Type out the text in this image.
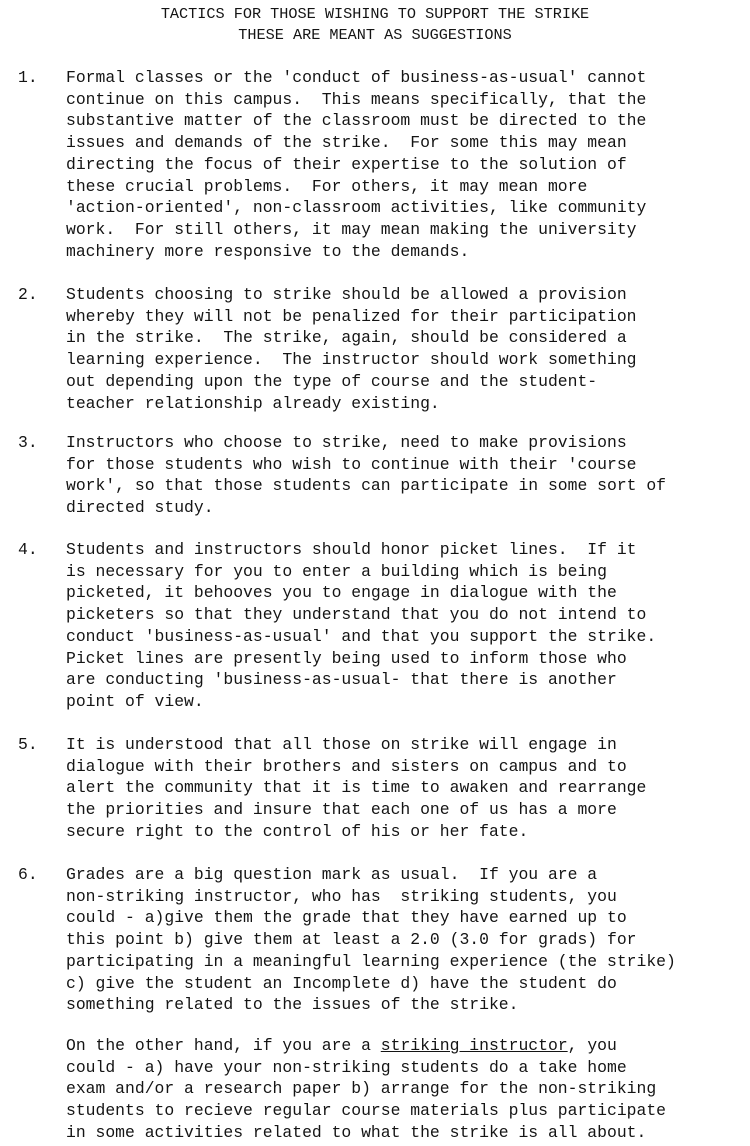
TACTICS FOR THOSE WISHING TO SUPPORT THE STRIKE
THESE ARE MEANT AS SUGGESTIONS
1.	Formal classes or the 'conduct of business-as-usual' cannot
continue on this campus.  This means specifically, that the
substantive matter of the classroom must be directed to the
issues and demands of the strike.  For some this may mean
directing the focus of their expertise to the solution of
these crucial problems.  For others, it may mean more
'action-oriented', non-classroom activities, like community
work.  For still others, it may mean making the university
machinery more responsive to the demands.
2.	Students choosing to strike should be allowed a provision
whereby they will not be penalized for their participation
in the strike.  The strike, again, should be considered a
learning experience.  The instructor should work something
out depending upon the type of course and the student-
teacher relationship already existing.
3.	Instructors who choose to strike, need to make provisions
for those students who wish to continue with their 'course
work', so that those students can participate in some sort of
directed study.
4.	Students and instructors should honor picket lines.  If it
is necessary for you to enter a building which is being
picketed, it behooves you to engage in dialogue with the
picketers so that they understand that you do not intend to
conduct 'business-as-usual' and that you support the strike.
Picket lines are presently being used to inform those who
are conducting 'business-as-usual- that there is another
point of view.
5.	It is understood that all those on strike will engage in
dialogue with their brothers and sisters on campus and to
alert the community that it is time to awaken and rearrange
the priorities and insure that each one of us has a more
secure right to the control of his or her fate.
6.	Grades are a big question mark as usual.  If you are a
non-striking instructor, who has  striking students, you
could - a)give them the grade that they have earned up to
this point b) give them at least a 2.0 (3.0 for grads) for
participating in a meaningful learning experience (the strike)
c) give the student an Incomplete d) have the student do
something related to the issues of the strike.
On the other hand, if you are a striking instructor, you
could - a) have your non-striking students do a take home
exam and/or a research paper b) arrange for the non-striking
students to recieve regular course materials plus participate
in some activities related to what the strike is all about.
